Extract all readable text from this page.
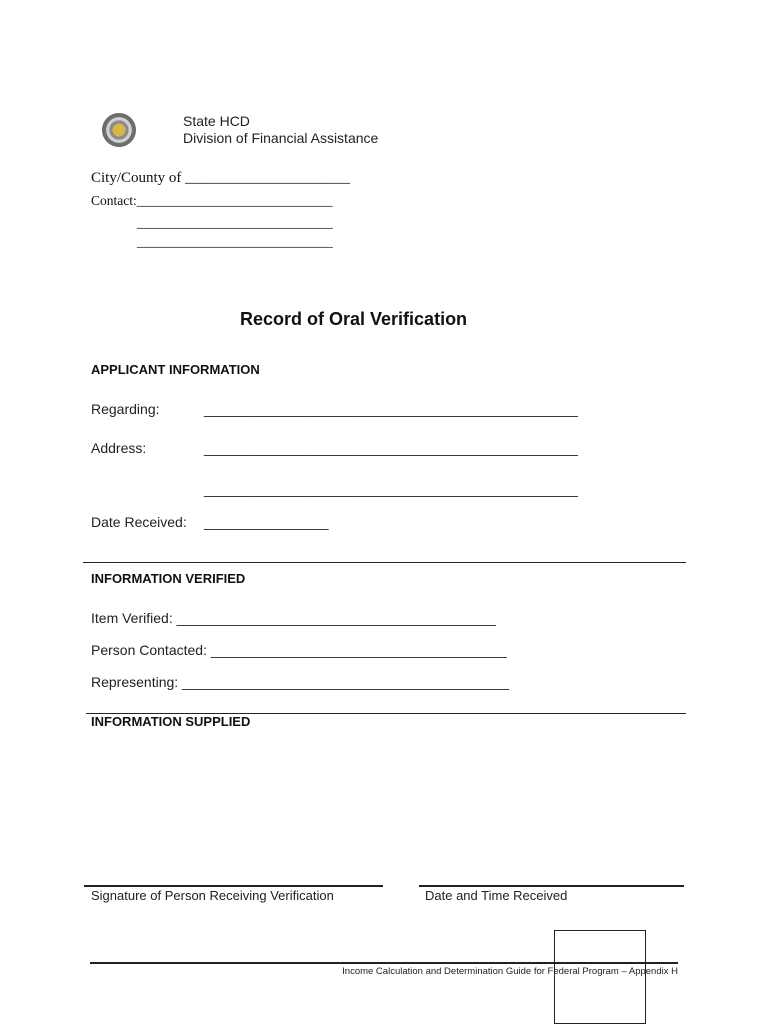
State HCD
Division of Financial Assistance
City/County of ______________________
Contact:_____________________________
_____________________________
_____________________________
Record of Oral Verification
APPLICANT INFORMATION
Regarding:	________________________________________________
Address:	________________________________________________
________________________________________________
Date Received: ________________
INFORMATION VERIFIED
Item Verified: _________________________________________
Person Contacted: ______________________________________
Representing: __________________________________________
INFORMATION SUPPLIED
Signature of Person Receiving Verification	Date and Time Received
Income Calculation and Determination Guide for Federal Program – Appendix H
